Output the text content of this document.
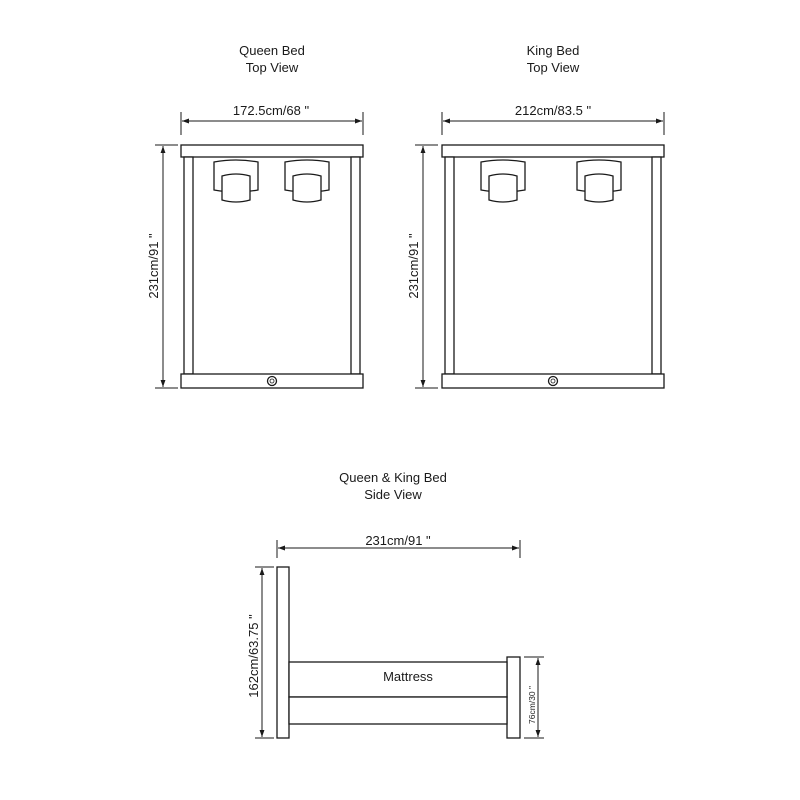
Queen Bed
Top View
172.5cm/68 "
231cm/91 "
King Bed
Top View
212cm/83.5 "
231cm/91 "
Queen & King Bed
Side View
231cm/91 "
162cm/63.75 "
76cm/30 "
Mattress
